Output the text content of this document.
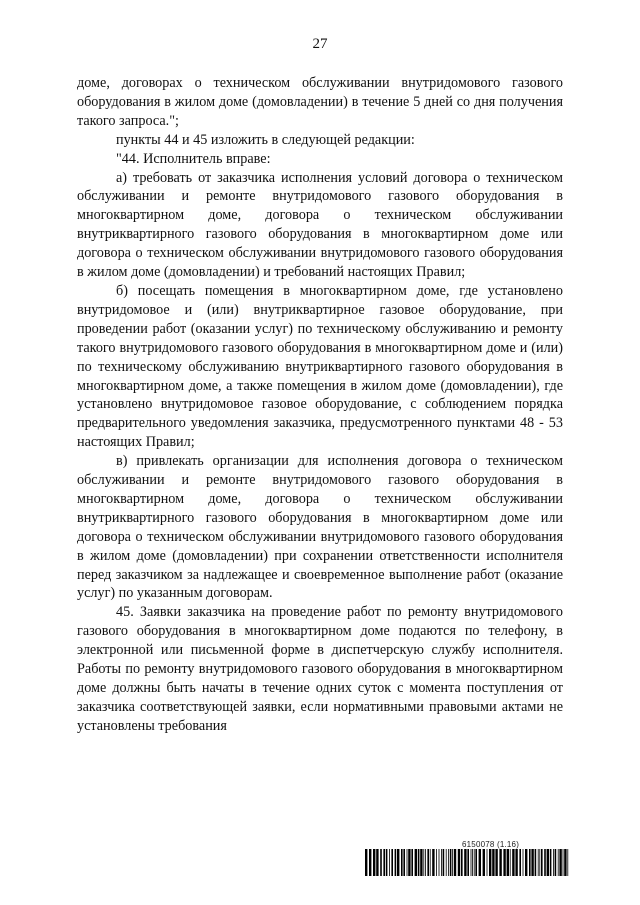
27

доме, договорах о техническом обслуживании внутридомового газового оборудования в жилом доме (домовладении) в течение 5 дней со дня получения такого запроса.";

пункты 44 и 45 изложить в следующей редакции:

"44. Исполнитель вправе:

а) требовать от заказчика исполнения условий договора о техническом обслуживании и ремонте внутридомового газового оборудования в многоквартирном доме, договора о техническом обслуживании внутриквартирного газового оборудования в многоквартирном доме или договора о техническом обслуживании внутридомового газового оборудования в жилом доме (домовладении) и требований настоящих Правил;

б) посещать помещения в многоквартирном доме, где установлено внутридомовое и (или) внутриквартирное газовое оборудование, при проведении работ (оказании услуг) по техническому обслуживанию и ремонту такого внутридомового газового оборудования в многоквартирном доме и (или) по техническому обслуживанию внутриквартирного газового оборудования в многоквартирном доме, а также помещения в жилом доме (домовладении), где установлено внутридомовое газовое оборудование, с соблюдением порядка предварительного уведомления заказчика, предусмотренного пунктами 48 - 53 настоящих Правил;

в) привлекать организации для исполнения договора о техническом обслуживании и ремонте внутридомового газового оборудования в многоквартирном доме, договора о техническом обслуживании внутриквартирного газового оборудования в многоквартирном доме или договора о техническом обслуживании внутридомового газового оборудования в жилом доме (домовладении) при сохранении ответственности исполнителя перед заказчиком за надлежащее и своевременное выполнение работ (оказание услуг) по указанным договорам.

45. Заявки заказчика на проведение работ по ремонту внутридомового газового оборудования в многоквартирном доме подаются по телефону, в электронной или письменной форме в диспетчерскую службу исполнителя. Работы по ремонту внутридомового газового оборудования в многоквартирном доме должны быть начаты в течение одних суток с момента поступления от заказчика соответствующей заявки, если нормативными правовыми актами не установлены требования

6150078 (1.16)
